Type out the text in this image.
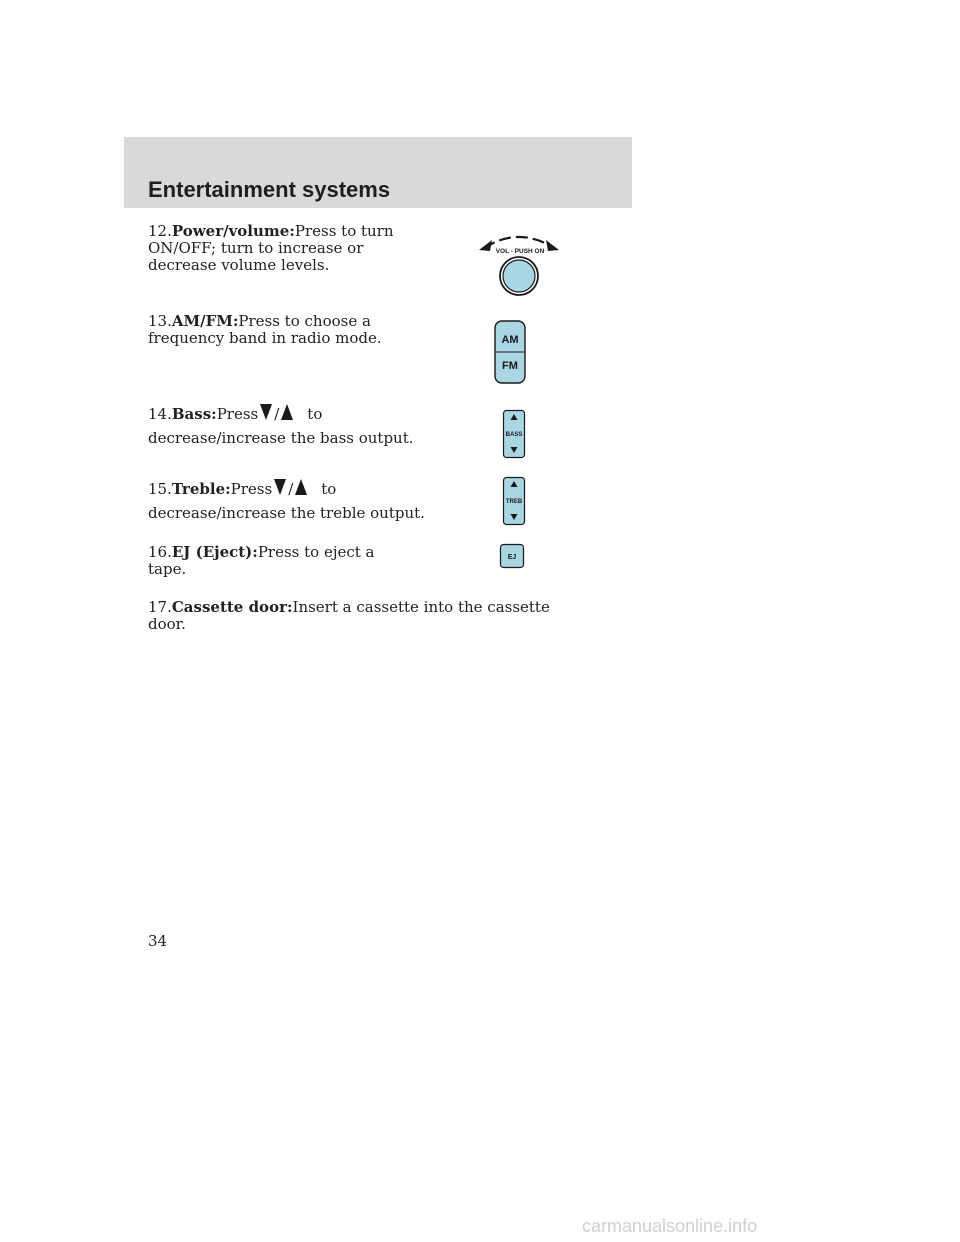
Entertainment systems
12.Power/volume:Press to turn ON/OFF; turn to increase or decrease volume levels.
VOL - PUSH ON
13.AM/FM:Press to choose a frequency band in radio mode.	AM
FM
14.Bass:Press / to
decrease/increase the bass output.	BASS
15.Treble:Press / to
decrease/increase the treble output.
TREB
16.EJ (Eject):Press to eject a tape.
EJ
17.Cassette door:Insert a cassette into the cassette door.
34
carmanualsonline.info
